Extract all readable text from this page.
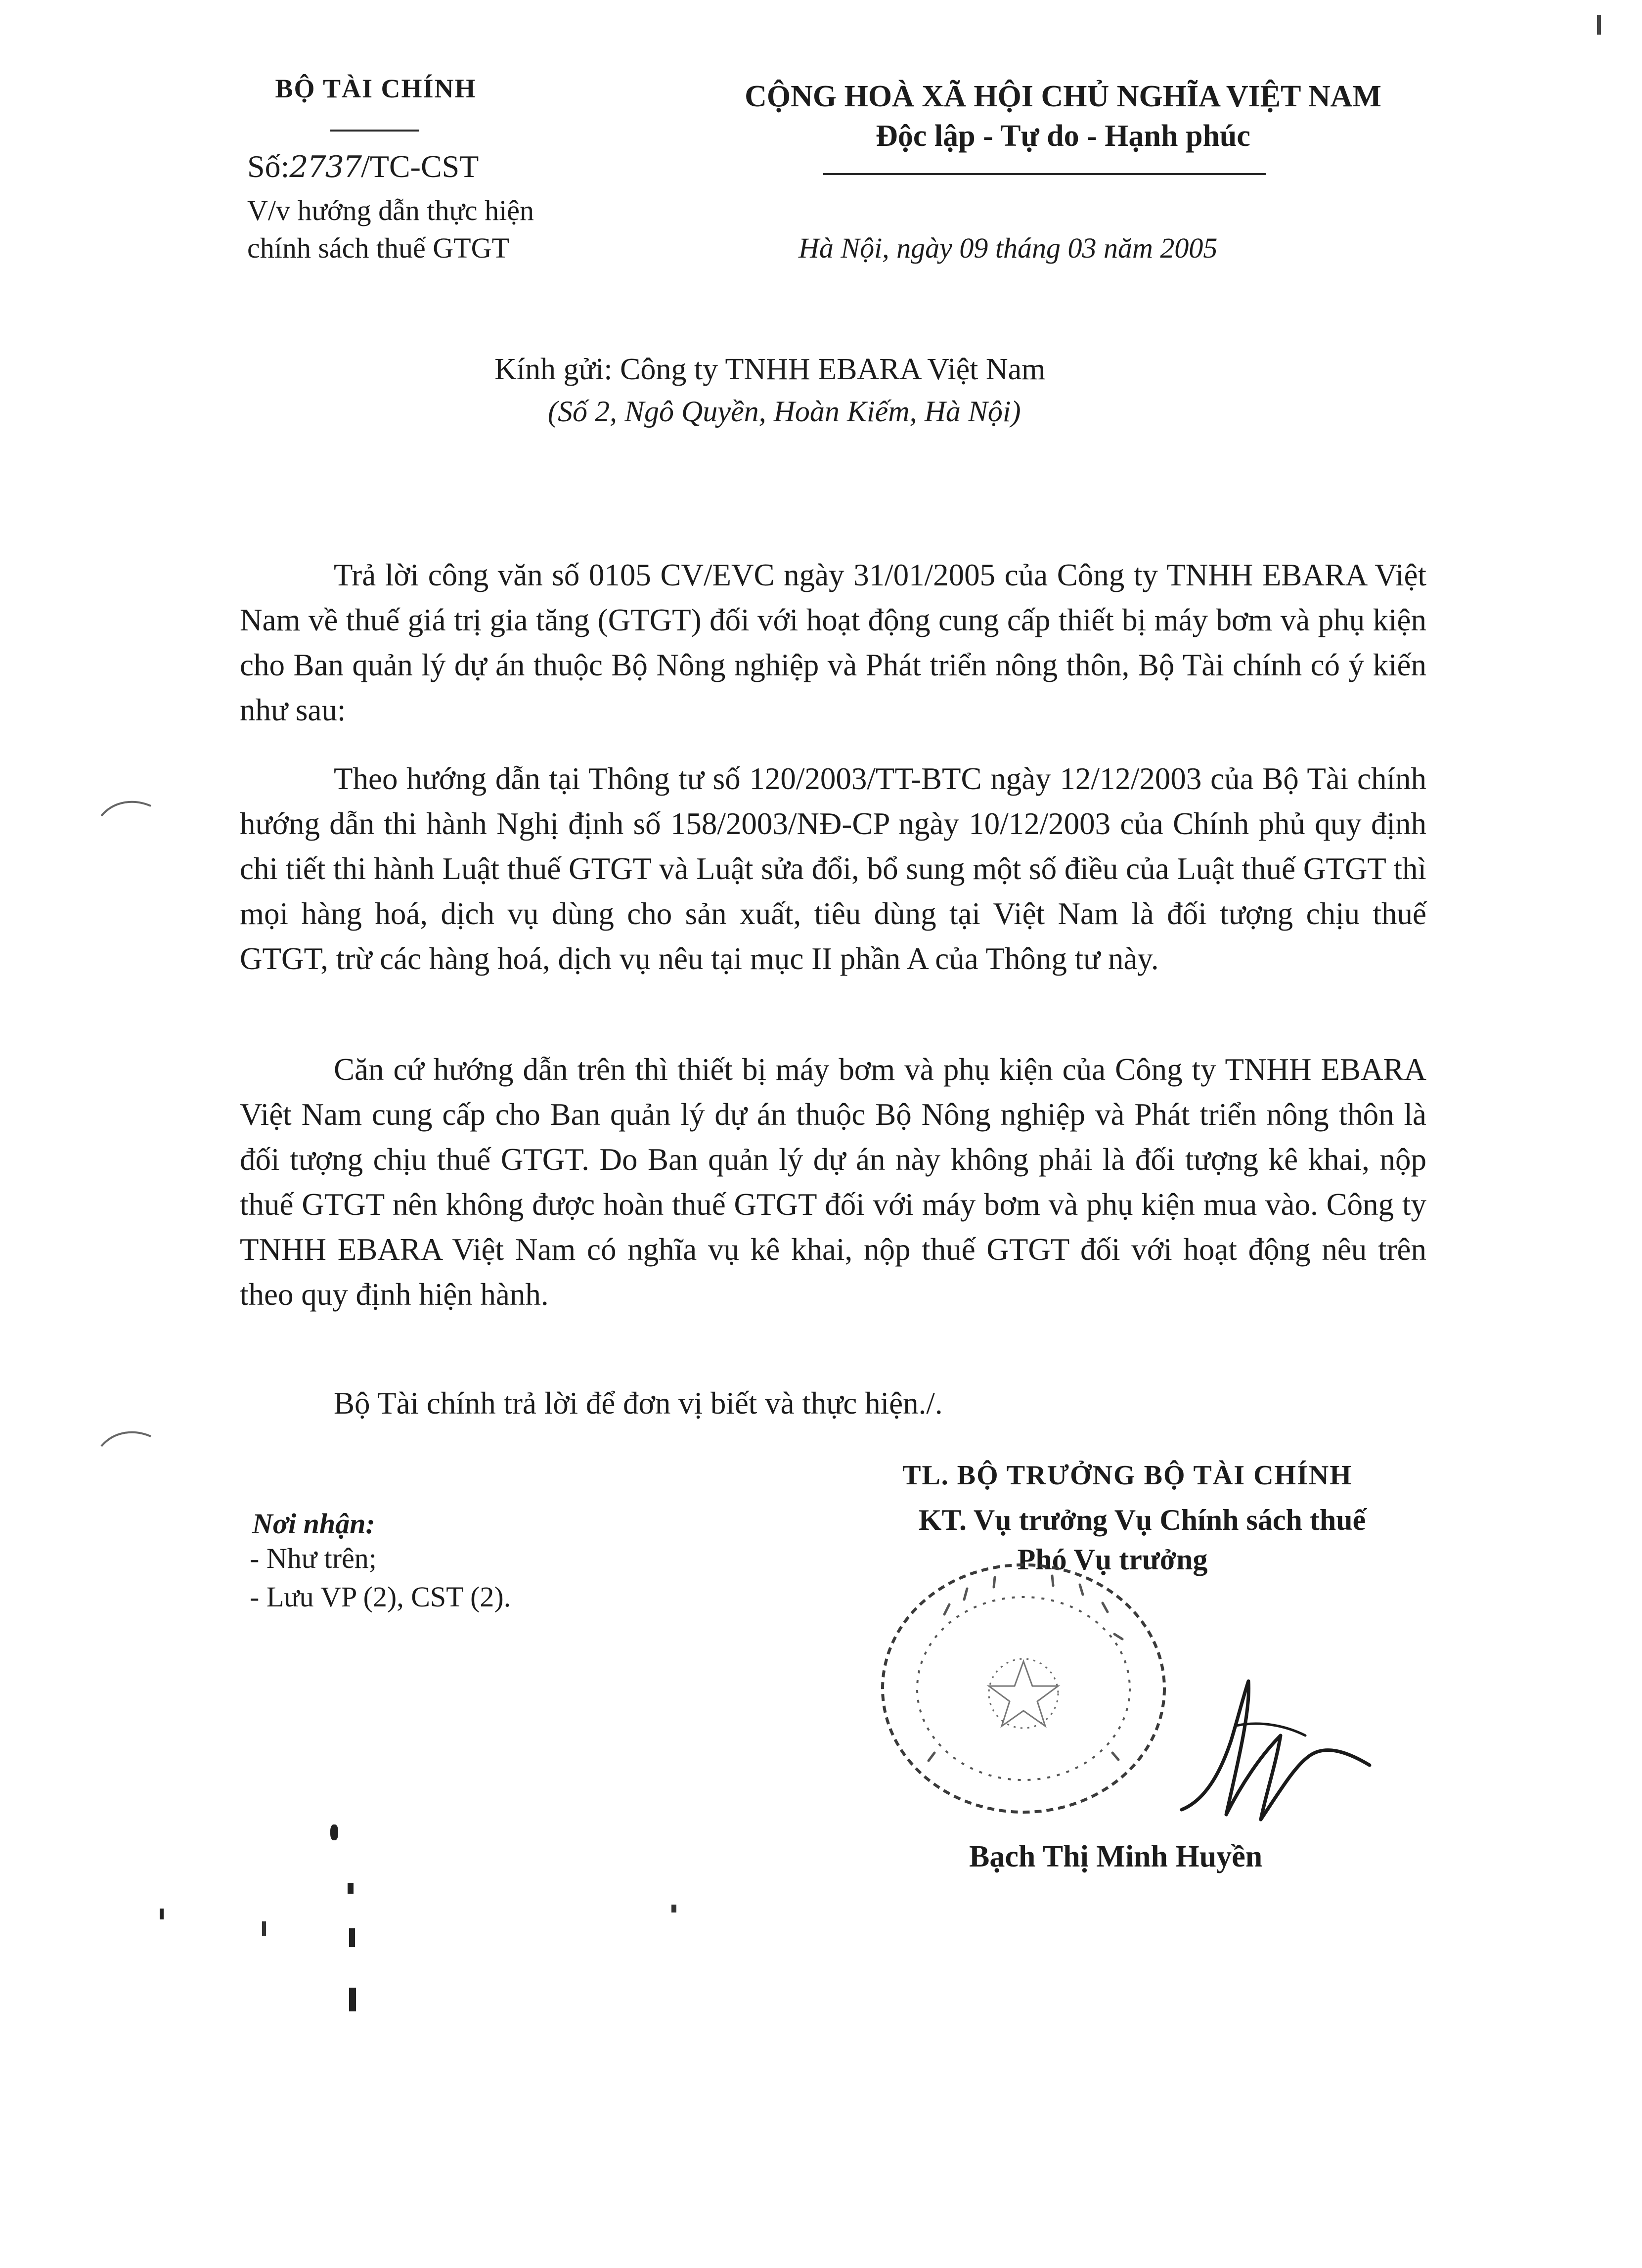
BỘ TÀI CHÍNH
Số:2737/TC-CST
V/v hướng dẫn thực hiện
chính sách thuế GTGT
CỘNG HOÀ XÃ HỘI CHỦ NGHĨA VIỆT NAM
Độc lập - Tự do - Hạnh phúc
Hà Nội, ngày 09 tháng 03 năm 2005
Kính gửi: Công ty TNHH EBARA Việt Nam
(Số 2, Ngô Quyền, Hoàn Kiếm, Hà Nội)
Trả lời công văn số 0105 CV/EVC ngày 31/01/2005 của Công ty TNHH EBARA Việt Nam về thuế giá trị gia tăng (GTGT) đối với hoạt động cung cấp thiết bị máy bơm và phụ kiện cho Ban quản lý dự án thuộc Bộ Nông nghiệp và Phát triển nông thôn, Bộ Tài chính có ý kiến như sau:
Theo hướng dẫn tại Thông tư số 120/2003/TT-BTC ngày 12/12/2003 của Bộ Tài chính hướng dẫn thi hành Nghị định số 158/2003/NĐ-CP ngày 10/12/2003 của Chính phủ quy định chi tiết thi hành Luật thuế GTGT và Luật sửa đổi, bổ sung một số điều của Luật thuế GTGT thì mọi hàng hoá, dịch vụ dùng cho sản xuất, tiêu dùng tại Việt Nam là đối tượng chịu thuế GTGT, trừ các hàng hoá, dịch vụ nêu tại mục II phần A của Thông tư này.
Căn cứ hướng dẫn trên thì thiết bị máy bơm và phụ kiện của Công ty TNHH EBARA Việt Nam cung cấp cho Ban quản lý dự án thuộc Bộ Nông nghiệp và Phát triển nông thôn là đối tượng chịu thuế GTGT. Do Ban quản lý dự án này không phải là đối tượng kê khai, nộp thuế GTGT nên không được hoàn thuế GTGT đối với máy bơm và phụ kiện mua vào. Công ty TNHH EBARA Việt Nam có nghĩa vụ kê khai, nộp thuế GTGT đối với hoạt động nêu trên theo quy định hiện hành.
Bộ Tài chính trả lời để đơn vị biết và thực hiện./.
Nơi nhận:
- Như trên;
- Lưu VP (2), CST (2).
TL. BỘ TRƯỞNG BỘ TÀI CHÍNH
KT. Vụ trưởng Vụ Chính sách thuế
Phó Vụ trưởng
Bạch Thị Minh Huyền
